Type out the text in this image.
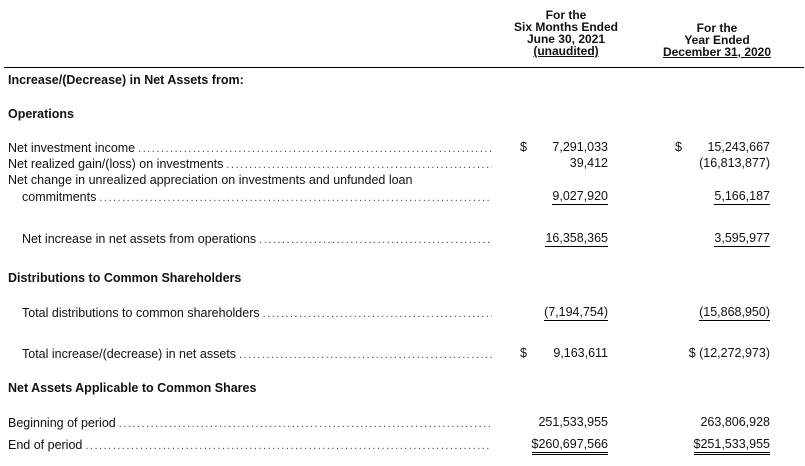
For the
Six Months Ended
June 30, 2021
(unaudited)
For the
Year Ended
December 31, 2020
Increase/(Decrease) in Net Assets from:
Operations
Net investment income .....	$ 7,291,033	$ 15,243,667
Net realized gain/(loss) on investments .....	39,412	(16,813,877)
Net change in unrealized appreciation on investments and unfunded loan
commitments .....	9,027,920	5,166,187
Net increase in net assets from operations .....	16,358,365	3,595,977
Distributions to Common Shareholders
Total distributions to common shareholders .....	(7,194,754)	(15,868,950)
Total increase/(decrease) in net assets .....	$ 9,163,611	$ (12,272,973)
Net Assets Applicable to Common Shares
Beginning of period .....	251,533,955	263,806,928
End of period .....	$260,697,566	$251,533,955
